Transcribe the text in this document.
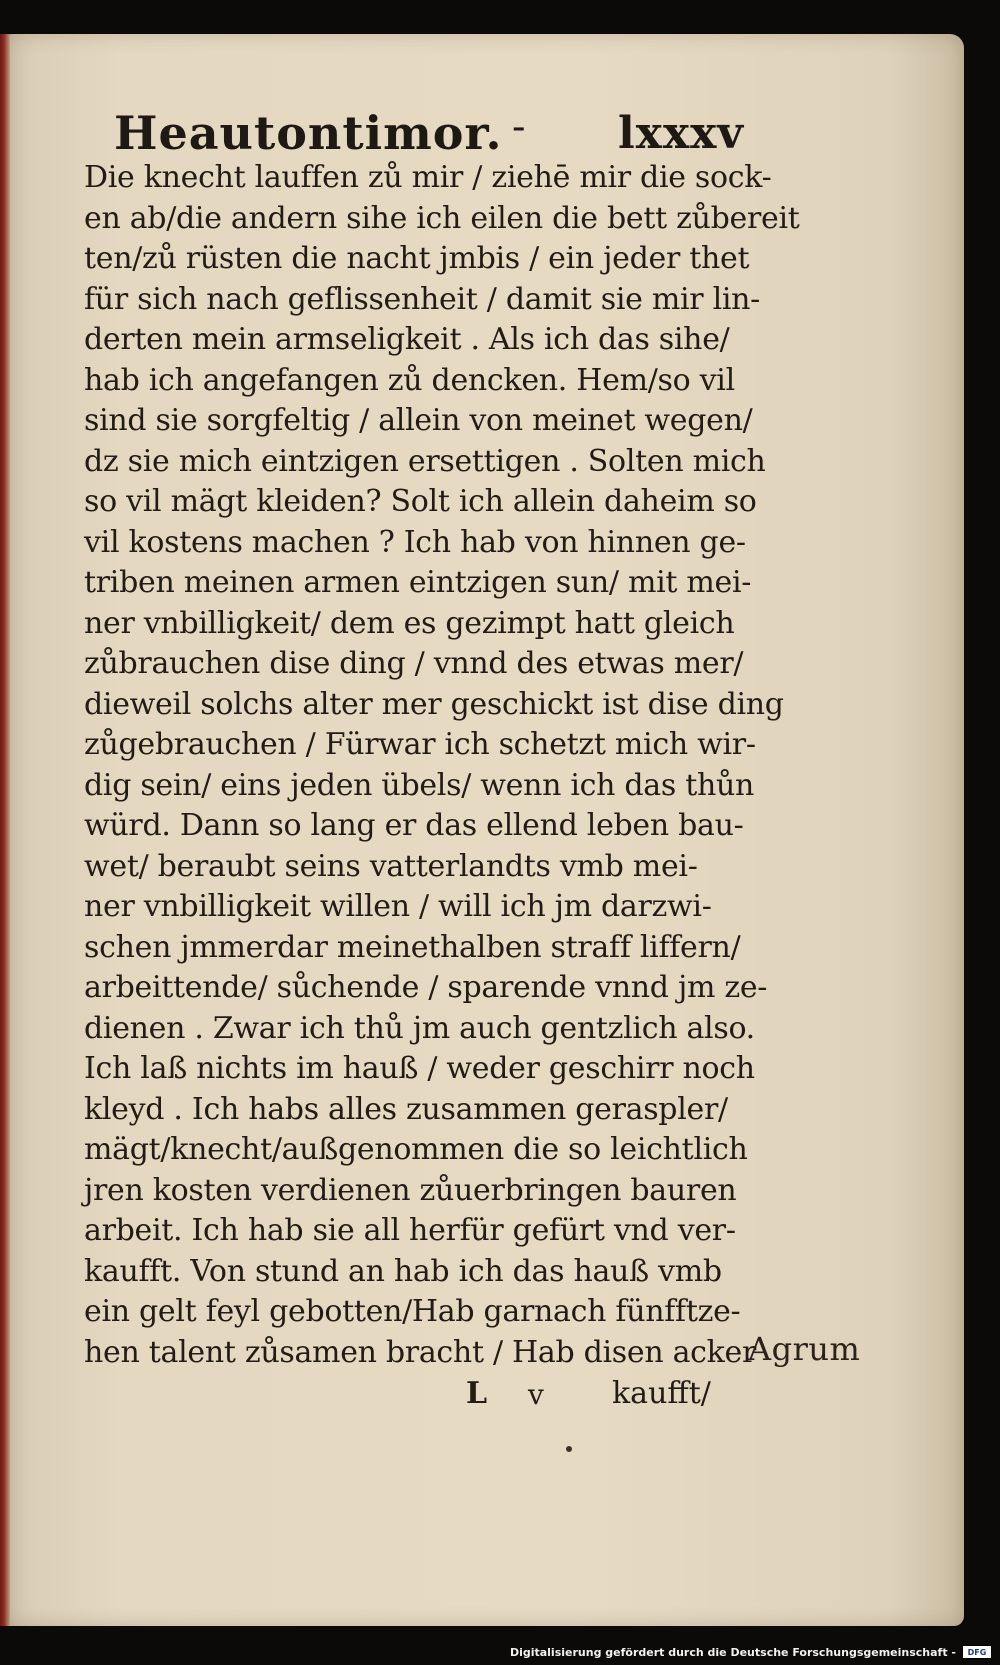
Heautontimor. - lxxxv
Die knecht lauffen zů mir / ziehē mir die sock-
en ab/die andern sihe ich eilen die bett zůbereit
ten/zů rüsten die nacht jmbis / ein jeder thet
für sich nach geflissenheit / damit sie mir lin-
derten mein armseligkeit . Als ich das sihe/
hab ich angefangen zů dencken. Hem/so vil
sind sie sorgfeltig / allein von meinet wegen/
dz sie mich eintzigen ersettigen . Solten mich
so vil mägt kleiden? Solt ich allein daheim so
vil kostens machen ? Ich hab von hinnen ge-
triben meinen armen eintzigen sun/ mit mei-
ner vnbilligkeit/ dem es gezimpt hatt gleich
zůbrauchen dise ding / vnnd des etwas mer/
dieweil solchs alter mer geschickt ist dise ding
zůgebrauchen / Fürwar ich schetzt mich wir-
dig sein/ eins jeden übels/ wenn ich das thůn
würd. Dann so lang er das ellend leben bau-
wet/ beraubt seins vatterlandts vmb mei-
ner vnbilligkeit willen / will ich jm darzwi-
schen jmmerdar meinethalben straff liffern/
arbeittende/ sůchende / sparende vnnd jm ze-
dienen . Zwar ich thů jm auch gentzlich also.
Ich laß nichts im hauß / weder geschirr noch
kleyd . Ich habs alles zusammen geraspler/
mägt/knecht/außgenommen die so leichtlich
jren kosten verdienen zůuerbringen bauren
arbeit. Ich hab sie all herfür gefürt vnd ver-
kaufft. Von stund an hab ich das hauß vmb
ein gelt feyl gebotten/Hab garnach fünfftze-
hen talent zůsamen bracht / Hab disen acker
Agrum
L v kaufft/
Digitalisierung gefördert durch die Deutsche Forschungsgemeinschaft -	DFG
